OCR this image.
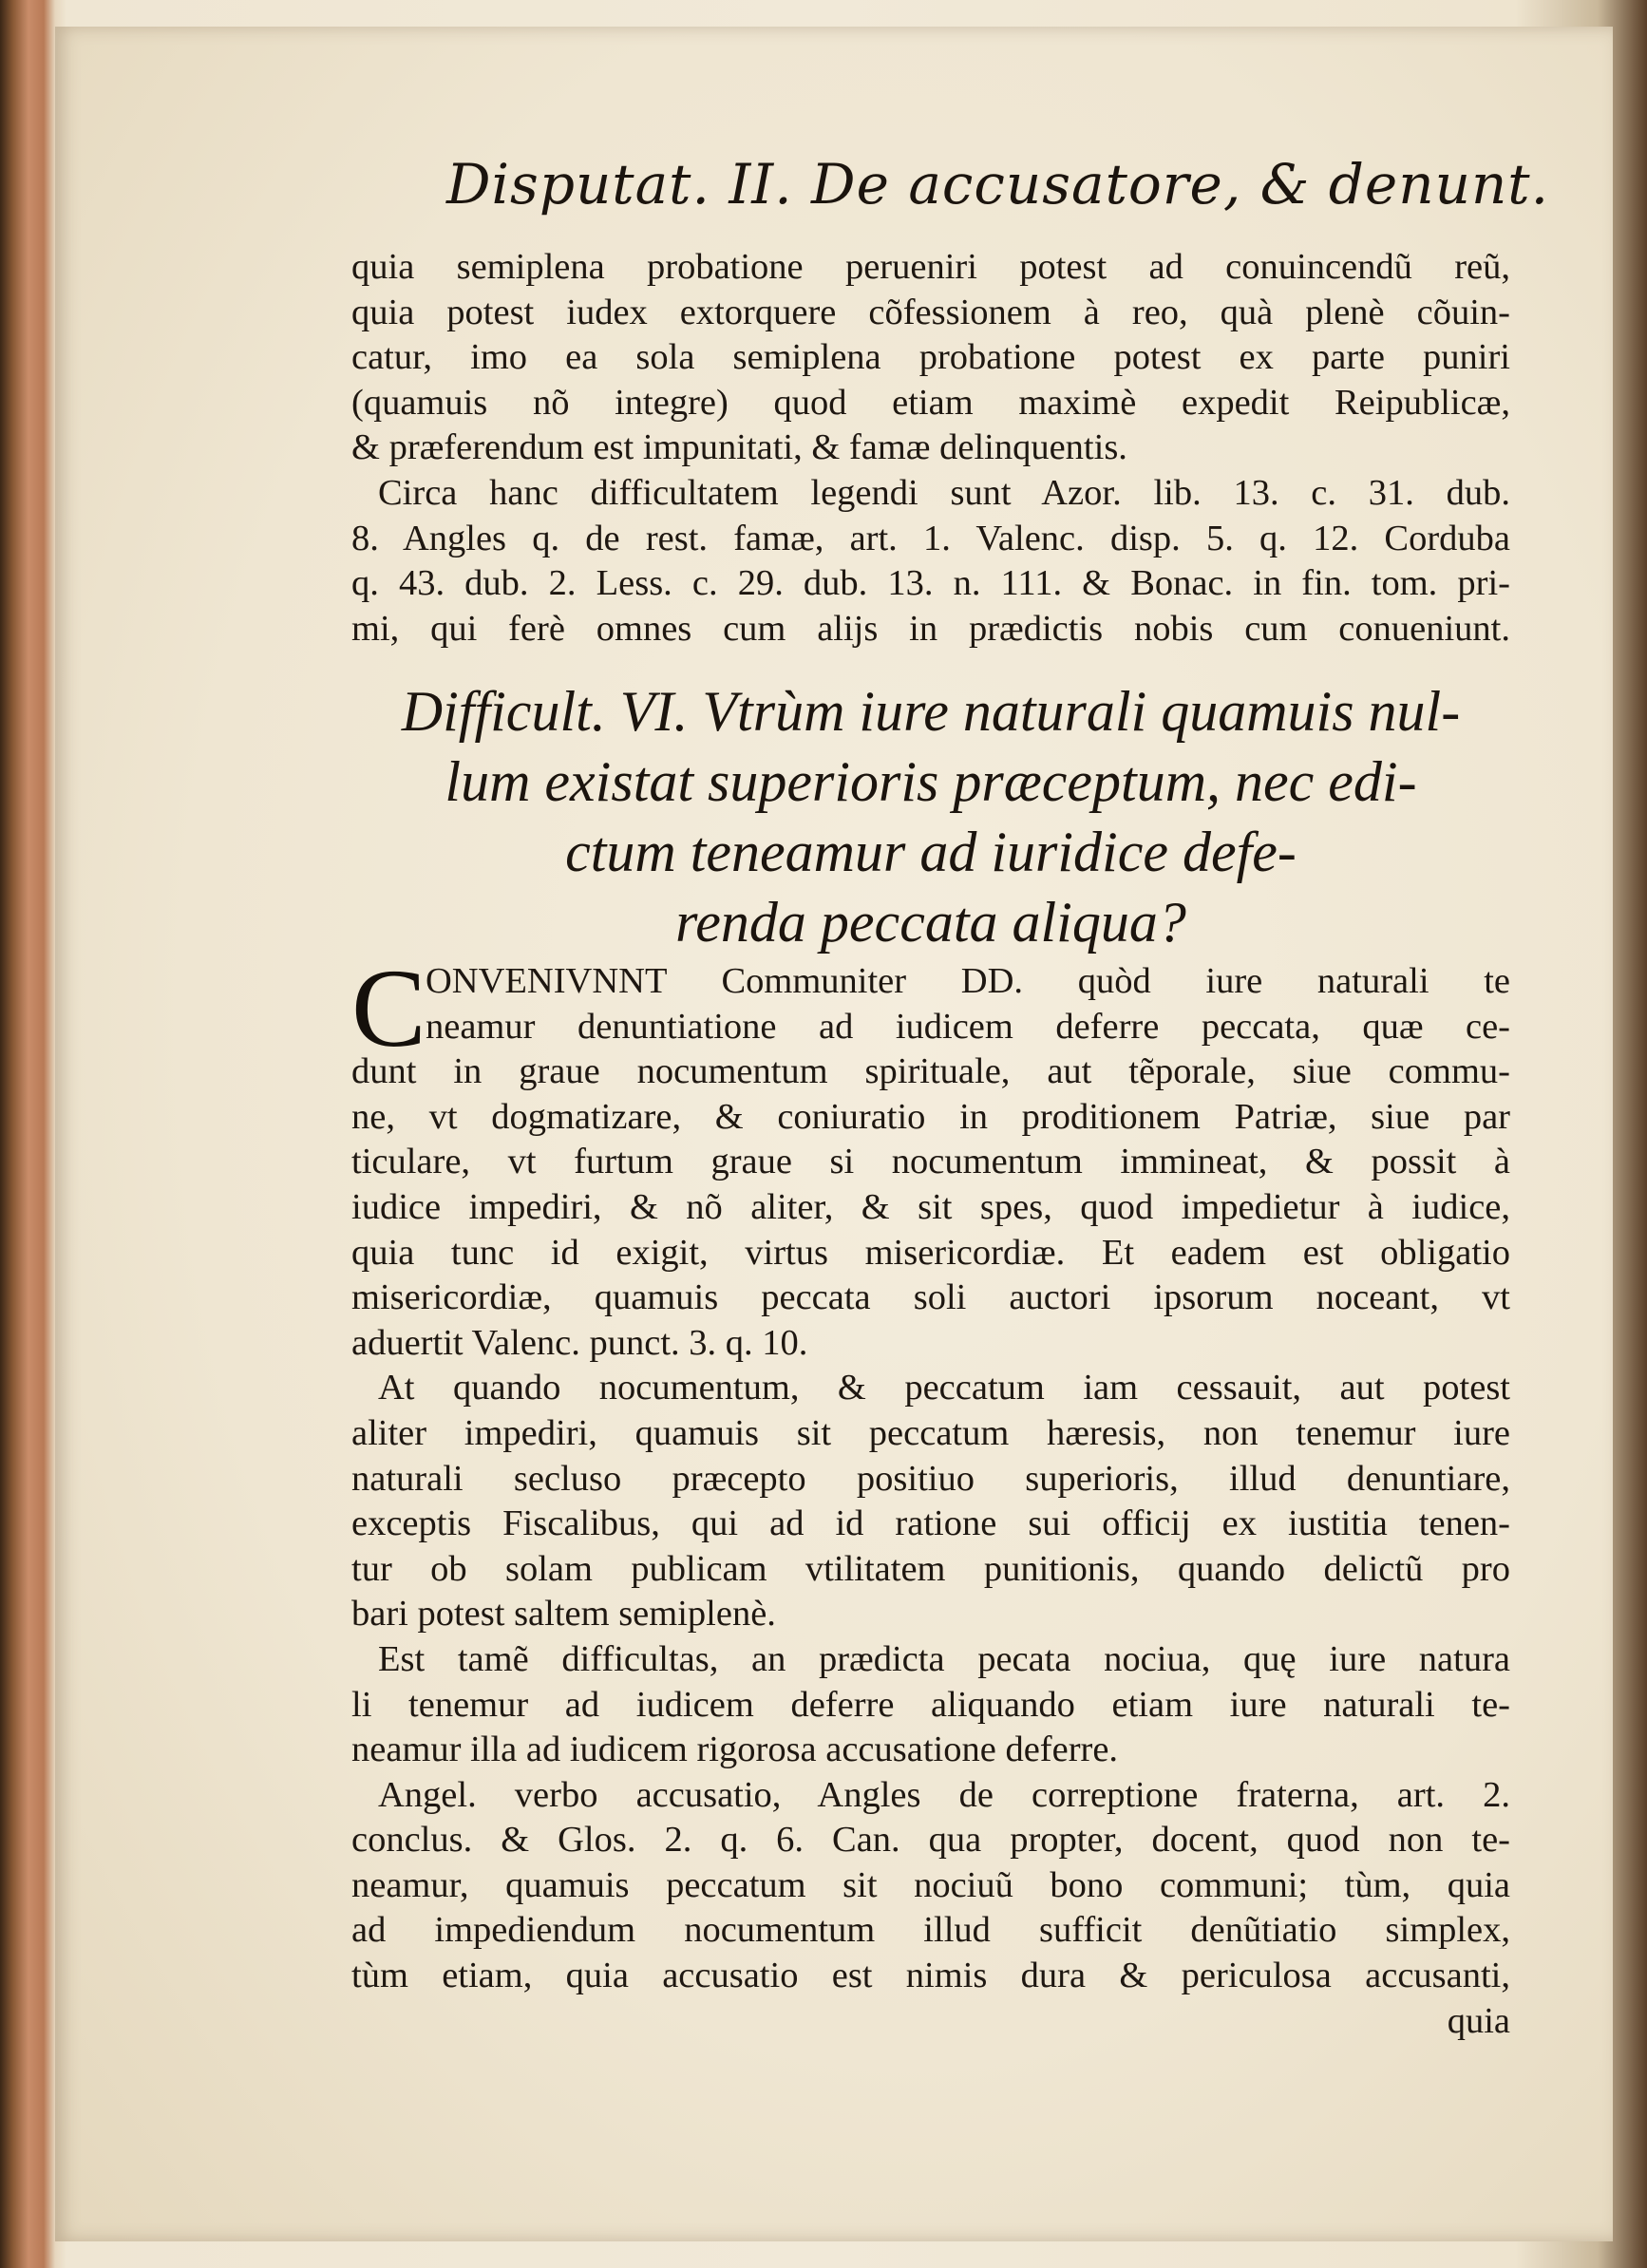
Disputat. II. De accusatore, & denunt.
quia semiplena probatione perueniri potest ad conuincendũ reũ,
quia potest iudex extorquere cõfessionem à reo, quà plenè cõuin-
catur, imo ea sola semiplena probatione potest ex parte puniri
(quamuis nõ integre) quod etiam maximè expedit Reipublicæ,
& præferendum est impunitati, & famæ delinquentis.
Circa hanc difficultatem legendi sunt Azor. lib. 13. c. 31. dub.
8. Angles q. de rest. famæ, art. 1. Valenc. disp. 5. q. 12. Corduba
q. 43. dub. 2. Less. c. 29. dub. 13. n. 111. & Bonac. in fin. tom. pri-
mi, qui ferè omnes cum alijs in prædictis nobis cum conueniunt.
Difficult. VI. Vtrùm iure naturali quamuis nul-
lum existat superioris præceptum, nec edi-
ctum teneamur ad iuridice defe-
renda peccata aliqua?
C ONVENIVNNT Communiter DD. quòd iure naturali te
neamur denuntiatione ad iudicem deferre peccata, quæ ce-
dunt in graue nocumentum spirituale, aut tẽporale, siue commu-
ne, vt dogmatizare, & coniuratio in proditionem Patriæ, siue par
ticulare, vt furtum graue si nocumentum immineat, & possit à
iudice impediri, & nõ aliter, & sit spes, quod impedietur à iudice,
quia tunc id exigit, virtus misericordiæ. Et eadem est obligatio
misericordiæ, quamuis peccata soli auctori ipsorum noceant, vt
aduertit Valenc. punct. 3. q. 10.
At quando nocumentum, & peccatum iam cessauit, aut potest
aliter impediri, quamuis sit peccatum hæresis, non tenemur iure
naturali secluso præcepto positiuo superioris, illud denuntiare,
exceptis Fiscalibus, qui ad id ratione sui officij ex iustitia tenen-
tur ob solam publicam vtilitatem punitionis, quando delictũ pro
bari potest saltem semiplenè.
Est tamẽ difficultas, an prædicta pecata nociua, quę iure natura
li tenemur ad iudicem deferre aliquando etiam iure naturali te-
neamur illa ad iudicem rigorosa accusatione deferre.
Angel. verbo accusatio, Angles de correptione fraterna, art. 2.
conclus. & Glos. 2. q. 6. Can. qua propter, docent, quod non te-
neamur, quamuis peccatum sit nociuũ bono communi; tùm, quia
ad impediendum nocumentum illud sufficit denũtiatio simplex,
tùm etiam, quia accusatio est nimis dura & periculosa accusanti,
quia
